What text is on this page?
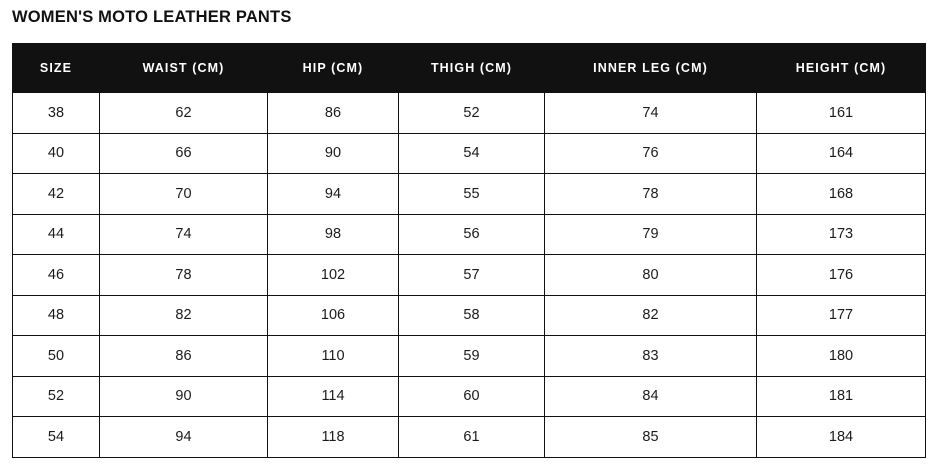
WOMEN'S MOTO LEATHER PANTS
SIZE	WAIST (CM)	HIP (CM)	THIGH (CM)	INNER LEG (CM)	HEIGHT (CM)
38	62	86	52	74	161
40	66	90	54	76	164
42	70	94	55	78	168
44	74	98	56	79	173
46	78	102	57	80	176
48	82	106	58	82	177
50	86	110	59	83	180
52	90	114	60	84	181
54	94	118	61	85	184
